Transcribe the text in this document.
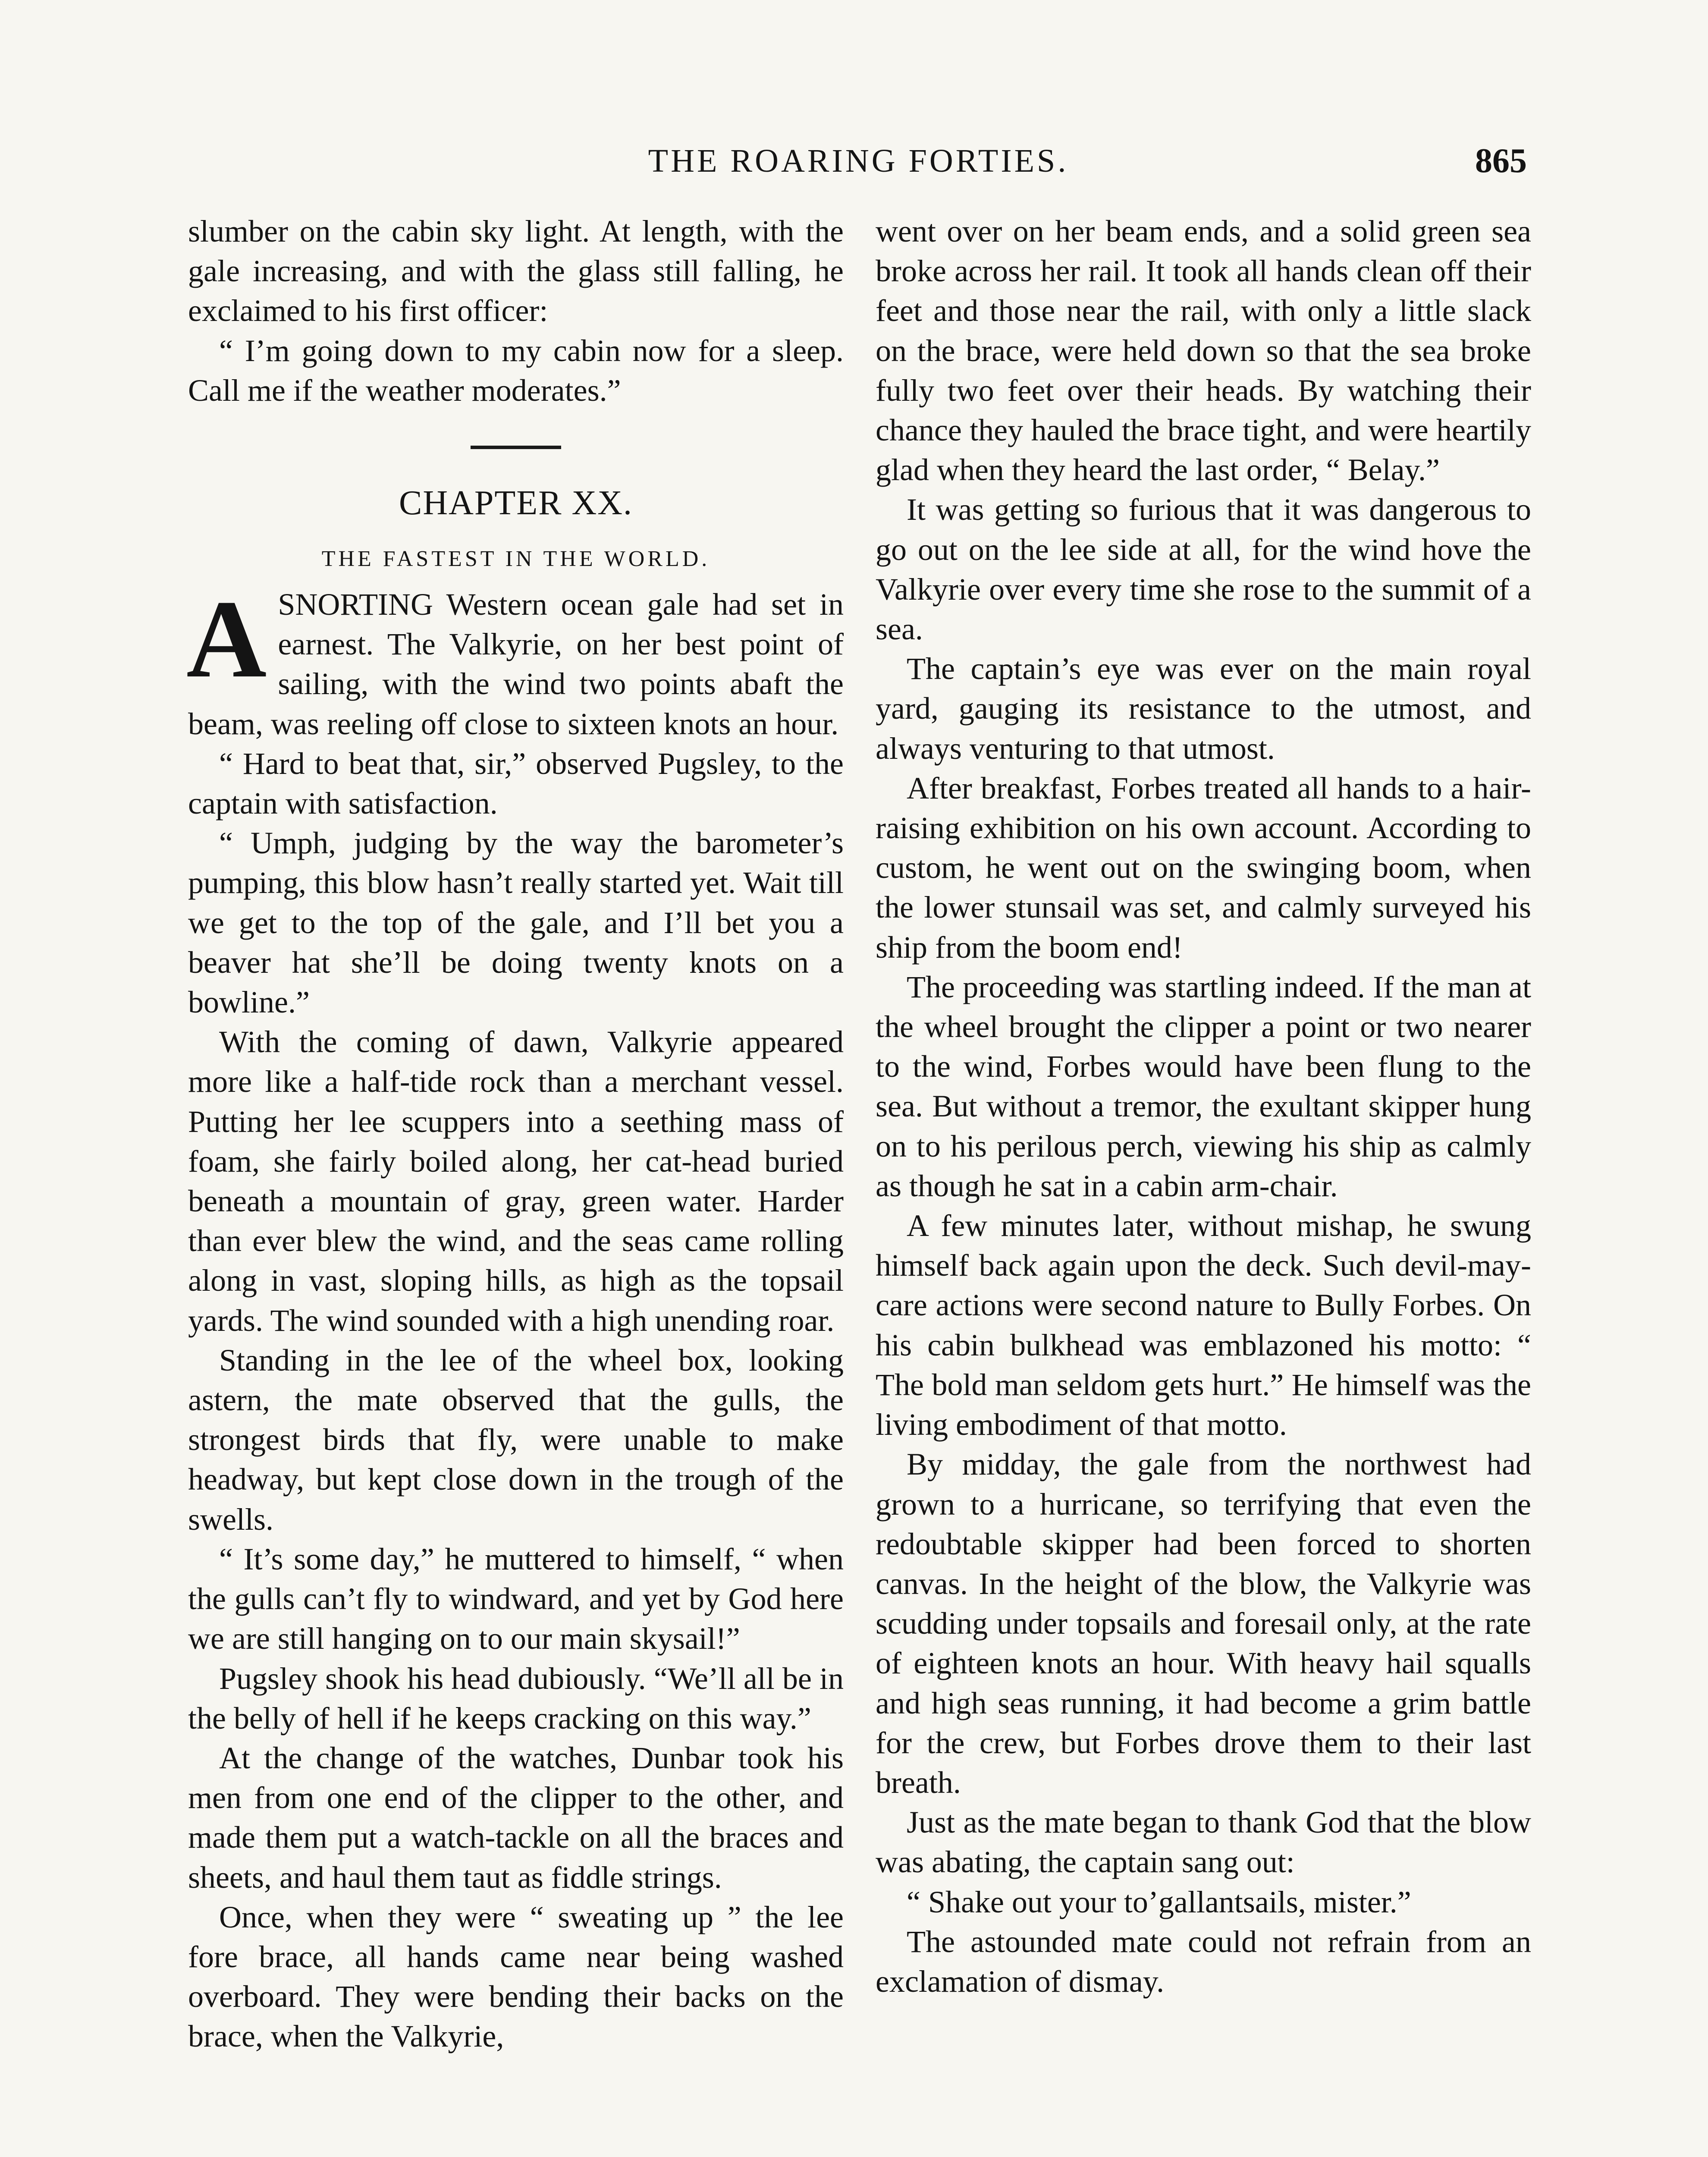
THE ROARING FORTIES.	865

slumber on the cabin sky light. At length, with the gale increasing, and with the glass still falling, he exclaimed to his first officer:

“ I’m going down to my cabin now for a sleep. Call me if the weather moderates.”

CHAPTER XX.
THE FASTEST IN THE WORLD.

ASNORTING Western ocean gale had set in earnest. The Valkyrie, on her best point of sailing, with the wind two points abaft the beam, was reeling off close to sixteen knots an hour.

“ Hard to beat that, sir,” observed Pugsley, to the captain with satisfaction.

“ Umph, judging by the way the barometer’s pumping, this blow hasn’t really started yet. Wait till we get to the top of the gale, and I’ll bet you a beaver hat she’ll be doing twenty knots on a bowline.”

With the coming of dawn, Valkyrie appeared more like a half-tide rock than a merchant vessel. Putting her lee scuppers into a seething mass of foam, she fairly boiled along, her cat-head buried beneath a mountain of gray, green water. Harder than ever blew the wind, and the seas came rolling along in vast, sloping hills, as high as the topsail yards. The wind sounded with a high unending roar.

Standing in the lee of the wheel box, looking astern, the mate observed that the gulls, the strongest birds that fly, were unable to make headway, but kept close down in the trough of the swells.

“ It’s some day,” he muttered to himself, “ when the gulls can’t fly to windward, and yet by God here we are still hanging on to our main skysail!”

Pugsley shook his head dubiously. “We’ll all be in the belly of hell if he keeps cracking on this way.”

At the change of the watches, Dunbar took his men from one end of the clipper to the other, and made them put a watch-tackle on all the braces and sheets, and haul them taut as fiddle strings.

Once, when they were “ sweating up ” the lee fore brace, all hands came near being washed overboard. They were bending their backs on the brace, when the Valkyrie,

went over on her beam ends, and a solid green sea broke across her rail. It took all hands clean off their feet and those near the rail, with only a little slack on the brace, were held down so that the sea broke fully two feet over their heads. By watching their chance they hauled the brace tight, and were heartily glad when they heard the last order, “ Belay.”

It was getting so furious that it was dangerous to go out on the lee side at all, for the wind hove the Valkyrie over every time she rose to the summit of a sea.

The captain’s eye was ever on the main royal yard, gauging its resistance to the utmost, and always venturing to that utmost.

After breakfast, Forbes treated all hands to a hair-raising exhibition on his own account. According to custom, he went out on the swinging boom, when the lower stunsail was set, and calmly surveyed his ship from the boom end!

The proceeding was startling indeed. If the man at the wheel brought the clipper a point or two nearer to the wind, Forbes would have been flung to the sea. But without a tremor, the exultant skipper hung on to his perilous perch, viewing his ship as calmly as though he sat in a cabin arm-chair.

A few minutes later, without mishap, he swung himself back again upon the deck. Such devil-may-care actions were second nature to Bully Forbes. On his cabin bulkhead was emblazoned his motto: “ The bold man seldom gets hurt.” He himself was the living embodiment of that motto.

By midday, the gale from the northwest had grown to a hurricane, so terrifying that even the redoubtable skipper had been forced to shorten canvas. In the height of the blow, the Valkyrie was scudding under topsails and foresail only, at the rate of eighteen knots an hour. With heavy hail squalls and high seas running, it had become a grim battle for the crew, but Forbes drove them to their last breath.

Just as the mate began to thank God that the blow was abating, the captain sang out:

“ Shake out your to’gallantsails, mister.”

The astounded mate could not refrain from an exclamation of dismay.
